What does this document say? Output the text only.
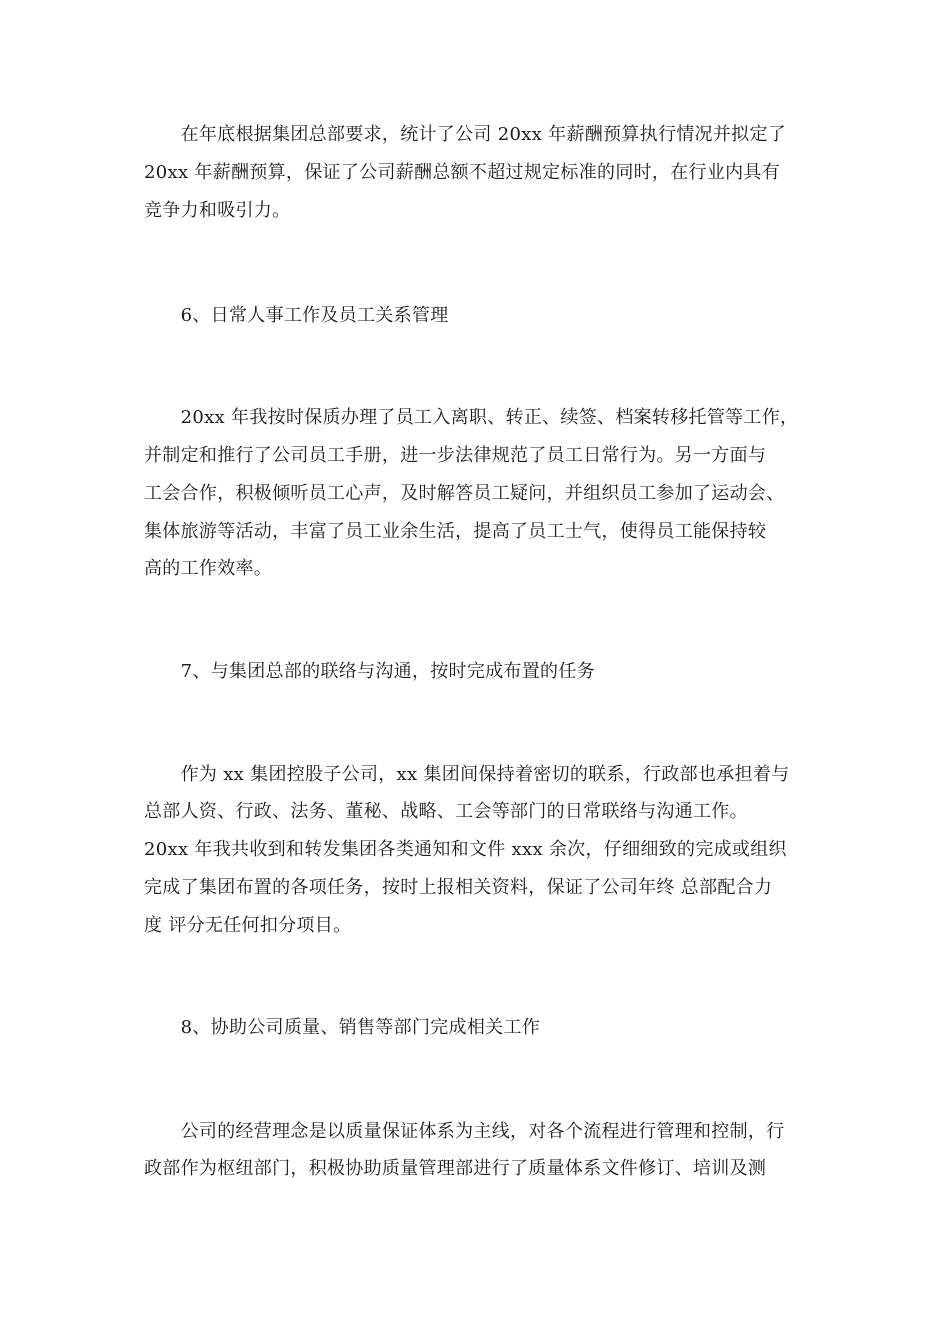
　　在年底根据集团总部要求，统计了公司 20xx 年薪酬预算执行情况并拟定了
20xx 年薪酬预算，保证了公司薪酬总额不超过规定标准的同时，在行业内具有
竞争力和吸引力。
　　6、日常人事工作及员工关系管理
　　20xx 年我按时保质办理了员工入离职、转正、续签、档案转移托管等工作，
并制定和推行了公司员工手册，进一步法律规范了员工日常行为。另一方面与
工会合作，积极倾听员工心声，及时解答员工疑问，并组织员工参加了运动会、
集体旅游等活动，丰富了员工业余生活，提高了员工士气，使得员工能保持较
高的工作效率。
　　7、与集团总部的联络与沟通，按时完成布置的任务
　　作为 xx 集团控股子公司，xx 集团间保持着密切的联系，行政部也承担着与
总部人资、行政、法务、董秘、战略、工会等部门的日常联络与沟通工作。
20xx 年我共收到和转发集团各类通知和文件 xxx 余次，仔细细致的完成或组织
完成了集团布置的各项任务，按时上报相关资料，保证了公司年终 总部配合力
度 评分无任何扣分项目。
　　8、协助公司质量、销售等部门完成相关工作
　　公司的经营理念是以质量保证体系为主线，对各个流程进行管理和控制，行
政部作为枢纽部门，积极协助质量管理部进行了质量体系文件修订、培训及测
